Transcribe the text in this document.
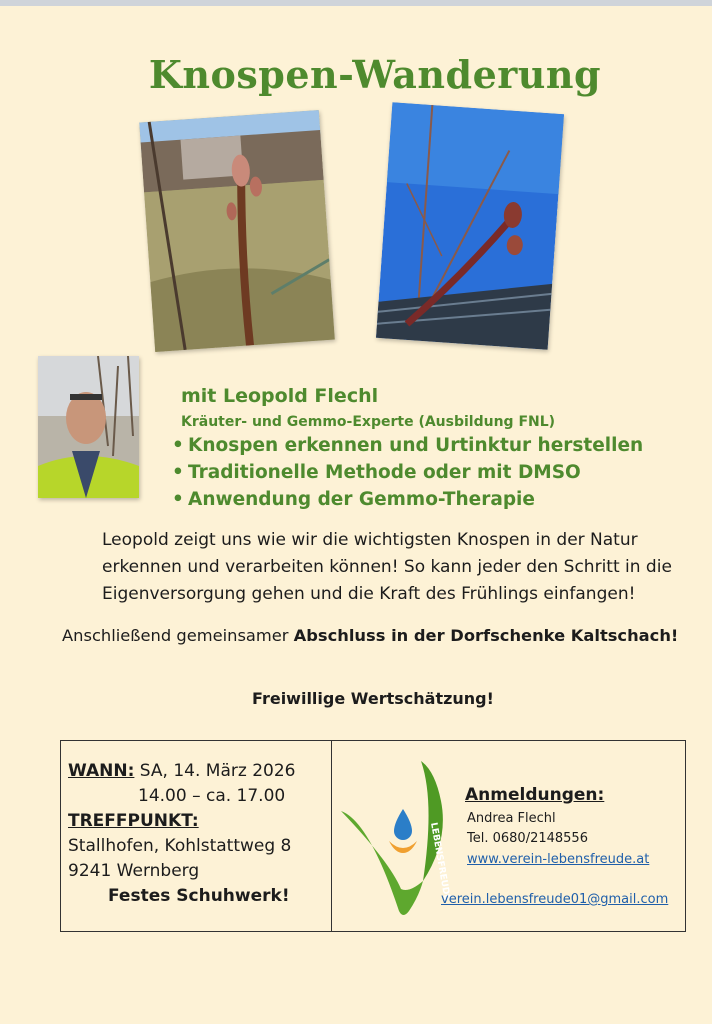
Knospen-Wanderung
mit Leopold Flechl
Kräuter- und Gemmo-Experte (Ausbildung FNL)
• Knospen erkennen und Urtinktur herstellen
• Traditionelle Methode oder mit DMSO
• Anwendung der Gemmo-Therapie

Leopold zeigt uns wie wir die wichtigsten Knospen in der Natur

erkennen und verarbeiten können! So kann jeder den Schritt in die

Eigenversorgung gehen und die Kraft des Frühlings einfangen!

Anschließend gemeinsamer Abschluss in der Dorfschenke Kaltschach!
Freiwillige Wertschätzung!
WANN: SA, 14. März 2026
14.00 – ca. 17.00
TREFFPUNKT:
Stallhofen, Kohlstattweg 8
9241 Wernberg
Festes Schuhwerk!	LEBENSFREUDE
Anmeldungen:
Andrea Flechl
Tel. 0680/2148556
www.verein-lebensfreude.at
verein.lebensfreude01@gmail.com
